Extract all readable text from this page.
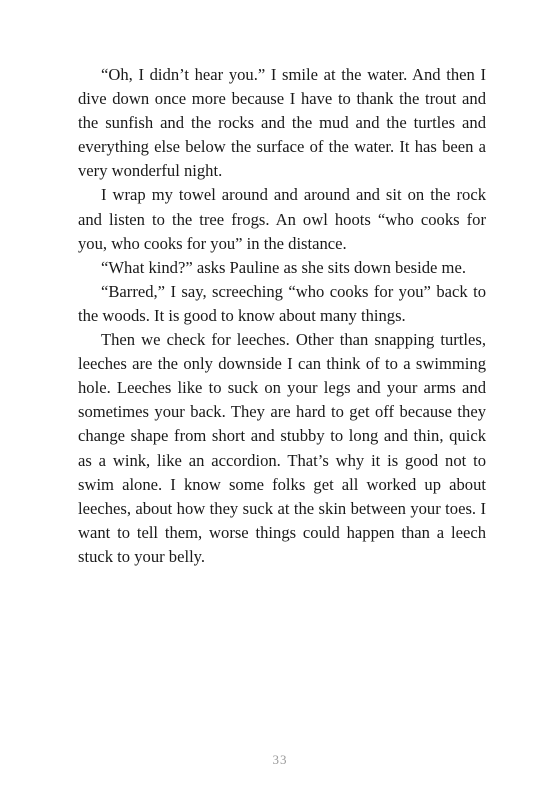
“Oh, I didn’t hear you.” I smile at the water. And then I dive down once more because I have to thank the trout and the sunfish and the rocks and the mud and the turtles and everything else below the surface of the water. It has been a very wonderful night.

I wrap my towel around and around and sit on the rock and listen to the tree frogs. An owl hoots “who cooks for you, who cooks for you” in the distance.

“What kind?” asks Pauline as she sits down beside me.

“Barred,” I say, screeching “who cooks for you” back to the woods. It is good to know about many things.

Then we check for leeches. Other than snapping turtles, leeches are the only downside I can think of to a swimming hole. Leeches like to suck on your legs and your arms and sometimes your back. They are hard to get off because they change shape from short and stubby to long and thin, quick as a wink, like an accordion. That’s why it is good not to swim alone. I know some folks get all worked up about leeches, about how they suck at the skin between your toes. I want to tell them, worse things could happen than a leech stuck to your belly.

33
